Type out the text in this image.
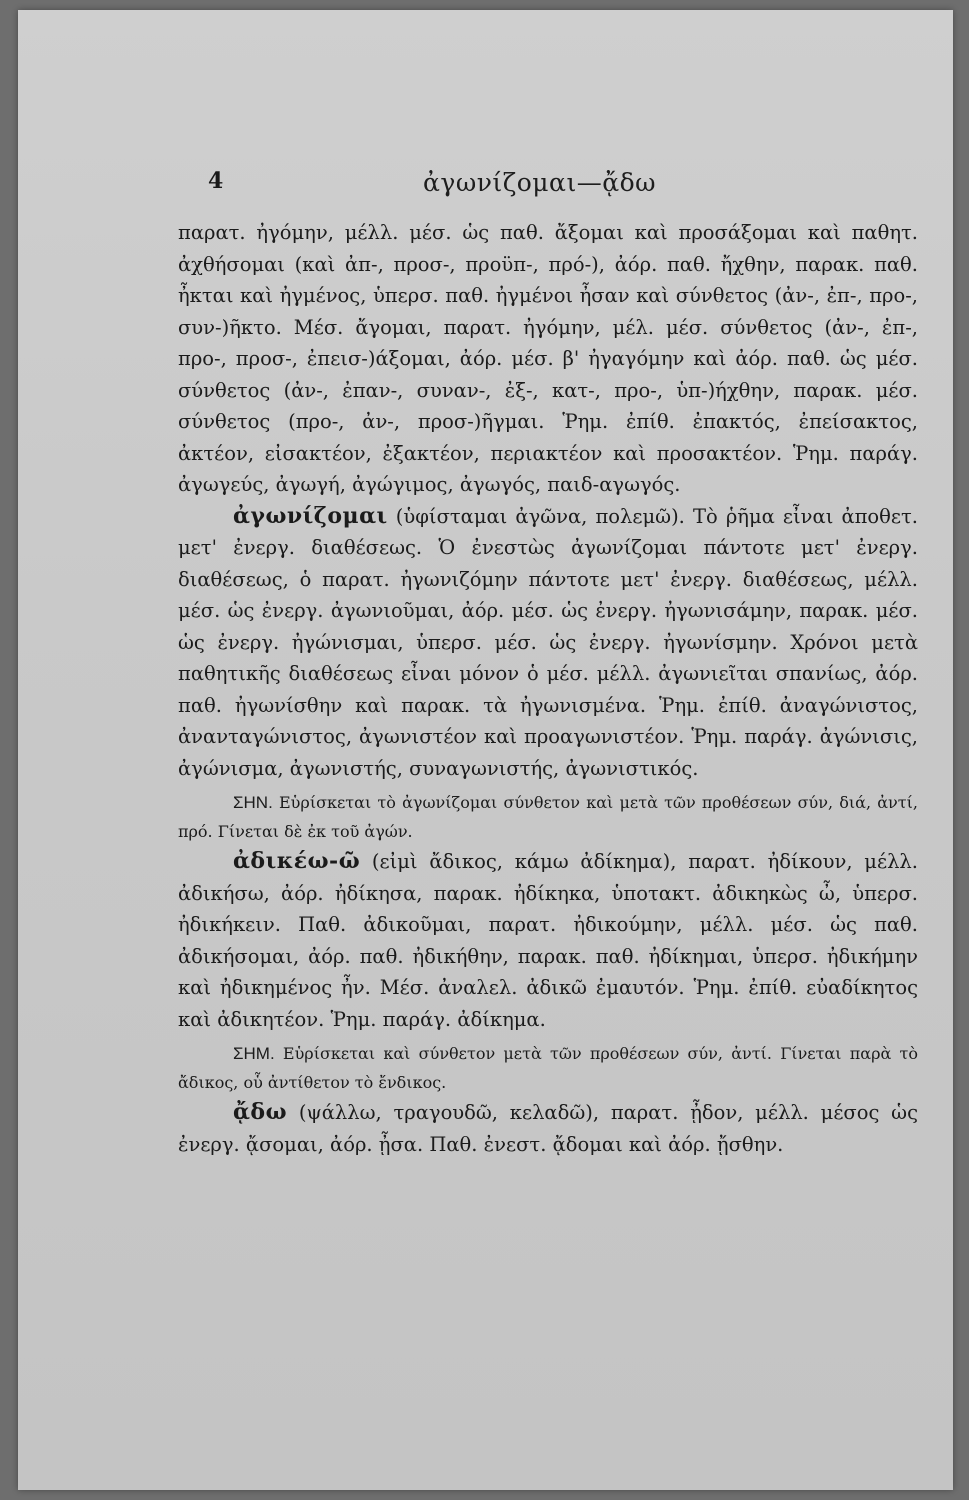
4	ἀγωνίζομαι—ᾄδω

παρατ. ἠγόμην, μέλλ. μέσ. ὡς παθ. ἄξομαι καὶ προσάξομαι καὶ παθητ. ἀχθήσομαι (καὶ ἀπ-, προσ-, προϋπ-, πρό-), ἀόρ. παθ. ἤχθην, παρακ. παθ. ἦκται καὶ ἠγμένος, ὑπερσ. παθ. ἠγμένοι ἦσαν καὶ σύνθετος (ἀν-, ἐπ-, προ-, συν-)ῆκτο. Μέσ. ἄγομαι, παρατ. ἠγόμην, μέλ. μέσ. σύνθετος (ἀν-, ἐπ-, προ-, προσ-, ἐπεισ-)άξομαι, ἀόρ. μέσ. β' ἠγαγόμην καὶ ἀόρ. παθ. ὡς μέσ. σύνθετος (ἀν-, ἐπαν-, συναν-, ἐξ-, κατ-, προ-, ὑπ-)ήχθην, παρακ. μέσ. σύνθετος (προ-, ἀν-, προσ-)ῆγμαι. Ῥημ. ἐπίθ. ἐπακτός, ἐπείσακτος, ἀκτέον, εἰσακτέον, ἐξακτέον, περιακτέον καὶ προσακτέον. Ῥημ. παράγ. ἀγωγεύς, ἀγωγή, ἀγώγιμος, ἀγωγός, παιδ-αγωγός.

ἀγωνίζομαι (ὑφίσταμαι ἀγῶνα, πολεμῶ). Τὸ ῥῆμα εἶναι ἀποθετ. μετ' ἐνεργ. διαθέσεως. Ὁ ἐνεστὼς ἀγωνίζομαι πάντοτε μετ' ἐνεργ. διαθέσεως, ὁ παρατ. ἠγωνιζόμην πάντοτε μετ' ἐνεργ. διαθέσεως, μέλλ. μέσ. ὡς ἐνεργ. ἀγωνιοῦμαι, ἀόρ. μέσ. ὡς ἐνεργ. ἠγωνισάμην, παρακ. μέσ. ὡς ἐνεργ. ἠγώνισμαι, ὑπερσ. μέσ. ὡς ἐνεργ. ἠγωνίσμην. Χρόνοι μετὰ παθητικῆς διαθέσεως εἶναι μόνον ὁ μέσ. μέλλ. ἀγωνιεῖται σπανίως, ἀόρ. παθ. ἠγωνίσθην καὶ παρακ. τὰ ἠγωνισμένα. Ῥημ. ἐπίθ. ἀναγώνιστος, ἀνανταγώνιστος, ἀγωνιστέον καὶ προαγωνιστέον. Ῥημ. παράγ. ἀγώνισις, ἀγώνισμα, ἀγωνιστής, συναγωνιστής, ἀγωνιστικός.

ΣΗΝ. Εὑρίσκεται τὸ ἀγωνίζομαι σύνθετον καὶ μετὰ τῶν προθέσεων σύν, διά, ἀντί, πρό. Γίνεται δὲ ἐκ τοῦ ἀγών.

ἀδικέω-ῶ (εἰμὶ ἄδικος, κάμω ἀδίκημα), παρατ. ἠδίκουν, μέλλ. ἀδικήσω, ἀόρ. ἠδίκησα, παρακ. ἠδίκηκα, ὑποτακτ. ἀδικηκὼς ὦ, ὑπερσ. ἠδικήκειν. Παθ. ἀδικοῦμαι, παρατ. ἠδικούμην, μέλλ. μέσ. ὡς παθ. ἀδικήσομαι, ἀόρ. παθ. ἠδικήθην, παρακ. παθ. ἠδίκημαι, ὑπερσ. ἠδικήμην καὶ ἠδικημένος ἦν. Μέσ. ἀναλελ. ἀδικῶ ἐμαυτόν. Ῥημ. ἐπίθ. εὐαδίκητος καὶ ἀδικητέον. Ῥημ. παράγ. ἀδίκημα.

ΣΗΜ. Εὑρίσκεται καὶ σύνθετον μετὰ τῶν προθέσεων σύν, ἀντί. Γίνεται παρὰ τὸ ἄδικος, οὗ ἀντίθετον τὸ ἔνδικος.

ᾄδω (ψάλλω, τραγουδῶ, κελαδῶ), παρατ. ᾖδον, μέλλ. μέσος ὡς ἐνεργ. ᾄσομαι, ἀόρ. ᾖσα. Παθ. ἐνεστ. ᾄδομαι καὶ ἀόρ. ᾔσθην.
